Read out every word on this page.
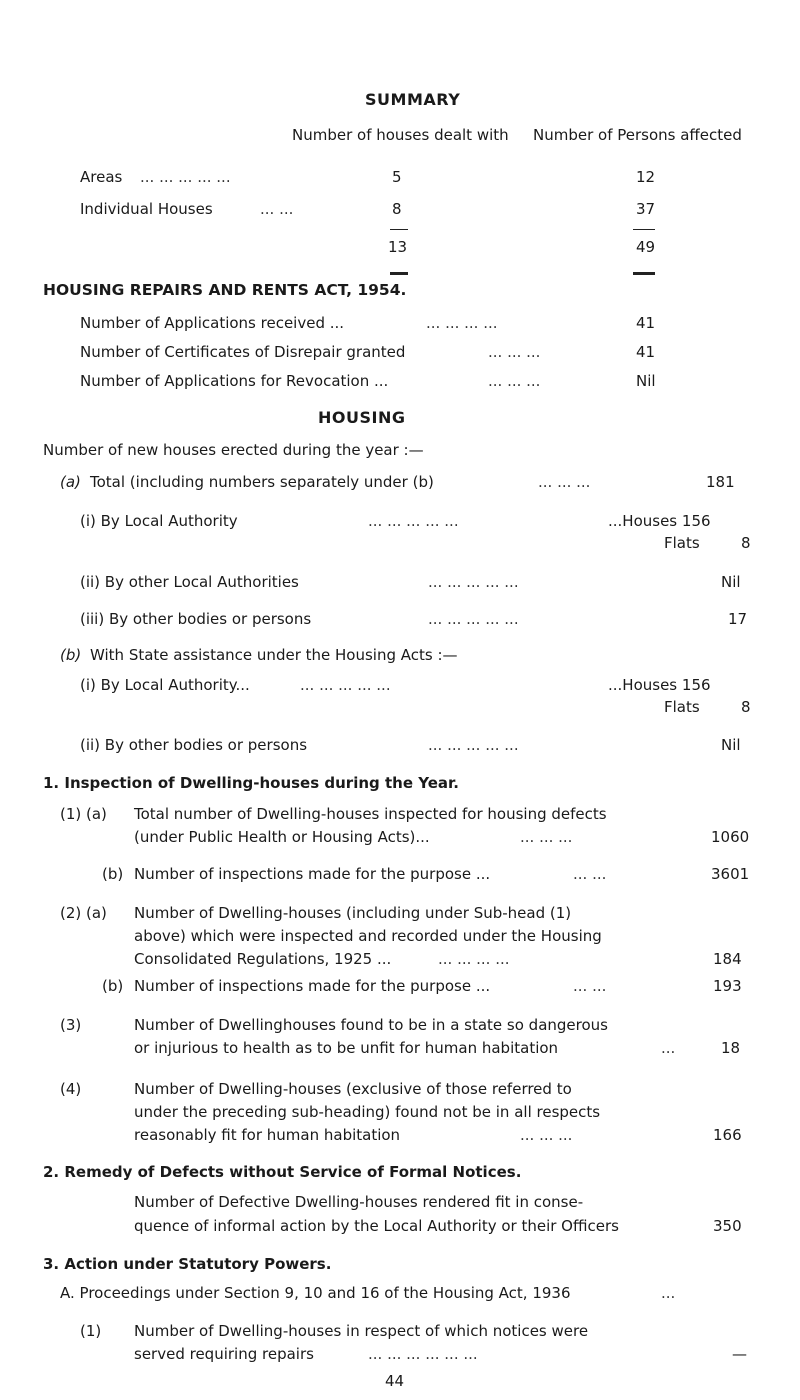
SUMMARY
Number of houses dealt with Number of Persons affected
Areas ... ... ... ... ...	5	12
Individual Houses	... ...	8	37
13	49
HOUSING REPAIRS AND RENTS ACT, 1954.
Number of Applications received ...	... ... ... ...	41
Number of Certificates of Disrepair granted	... ... ...	41
Number of Applications for Revocation ...	... ... ...	Nil
HOUSING
Number of new houses erected during the year :—
(a) Total (including numbers separately under (b)	... ... ...	181
(i) By Local Authority	... ... ... ... ...	...Houses 156
Flats	8
(ii) By other Local Authorities	... ... ... ... ...	Nil
(iii) By other bodies or persons	... ... ... ... ...	17
(b) With State assistance under the Housing Acts :—
(i) By Local Authority...	... ... ... ... ...	...Houses 156
Flats	8
(ii) By other bodies or persons	... ... ... ... ...	Nil
1. Inspection of Dwelling-houses during the Year.
(1) (a) Total number of Dwelling-houses inspected for housing defects
(under Public Health or Housing Acts)...	... ... ...	1060
(b) Number of inspections made for the purpose ...	... ...	3601
(2) (a) Number of Dwelling-houses (including under Sub-head (1)
above) which were inspected and recorded under the Housing
Consolidated Regulations, 1925 ...	... ... ... ...	184
(b) Number of inspections made for the purpose ...	... ...	193
(3)	Number of Dwellinghouses found to be in a state so dangerous
or injurious to health as to be unfit for human habitation	...	18
(4)	Number of Dwelling-houses (exclusive of those referred to
under the preceding sub-heading) found not be in all respects
reasonably fit for human habitation	... ... ...	166
2. Remedy of Defects without Service of Formal Notices.
Number of Defective Dwelling-houses rendered fit in conse-
quence of informal action by the Local Authority or their Officers	350
3. Action under Statutory Powers.
A. Proceedings under Section 9, 10 and 16 of the Housing Act, 1936	...
(1) Number of Dwelling-houses in respect of which notices were
served requiring repairs	... ... ... ... ... ...	—
44
